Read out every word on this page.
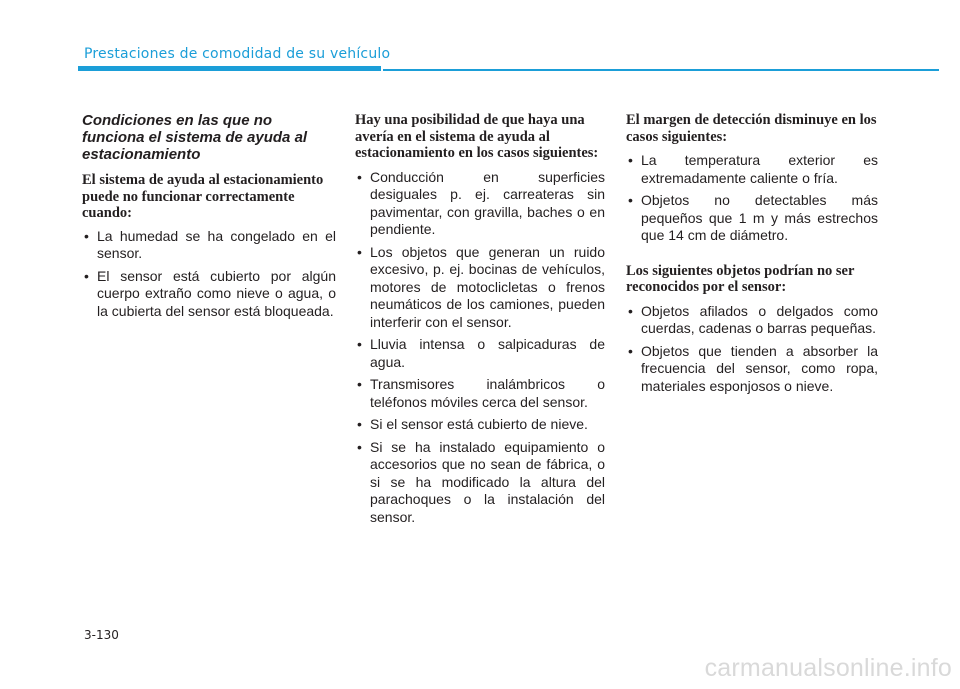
Prestaciones de comodidad de su vehículo
Condiciones en las que no funciona el sistema de ayuda al estacionamiento
El sistema de ayuda al estacionamiento puede no funcionar correctamente cuando:
• La humedad se ha congelado en el sensor.
• El sensor está cubierto por algún cuerpo extraño como nieve o agua, o la cubierta del sensor está bloqueada.
Hay una posibilidad de que haya una avería en el sistema de ayuda al estacionamiento en los casos siguientes:
• Conducción en superficies desiguales p. ej. carreateras sin pavimentar, con gravilla, baches o en pendiente.
• Los objetos que generan un ruido excesivo, p. ej. bocinas de vehículos, motores de motoclicletas o frenos neumáticos de los camiones, pueden interferir con el sensor.
• Lluvia intensa o salpicaduras de agua.
• Transmisores inalámbricos o teléfonos móviles cerca del sensor.
• Si el sensor está cubierto de nieve.
• Si se ha instalado equipamiento o accesorios que no sean de fábrica, o si se ha modificado la altura del parachoques o la instalación del sensor.
El margen de detección disminuye en los casos siguientes:
• La temperatura exterior es extremadamente caliente o fría.
• Objetos no detectables más pequeños que 1 m y más estrechos que 14 cm de diámetro.
Los siguientes objetos podrían no ser reconocidos por el sensor:
• Objetos afilados o delgados como cuerdas, cadenas o barras pequeñas.
• Objetos que tienden a absorber la frecuencia del sensor, como ropa, materiales esponjosos o nieve.
3-130
carmanualsonline.info
